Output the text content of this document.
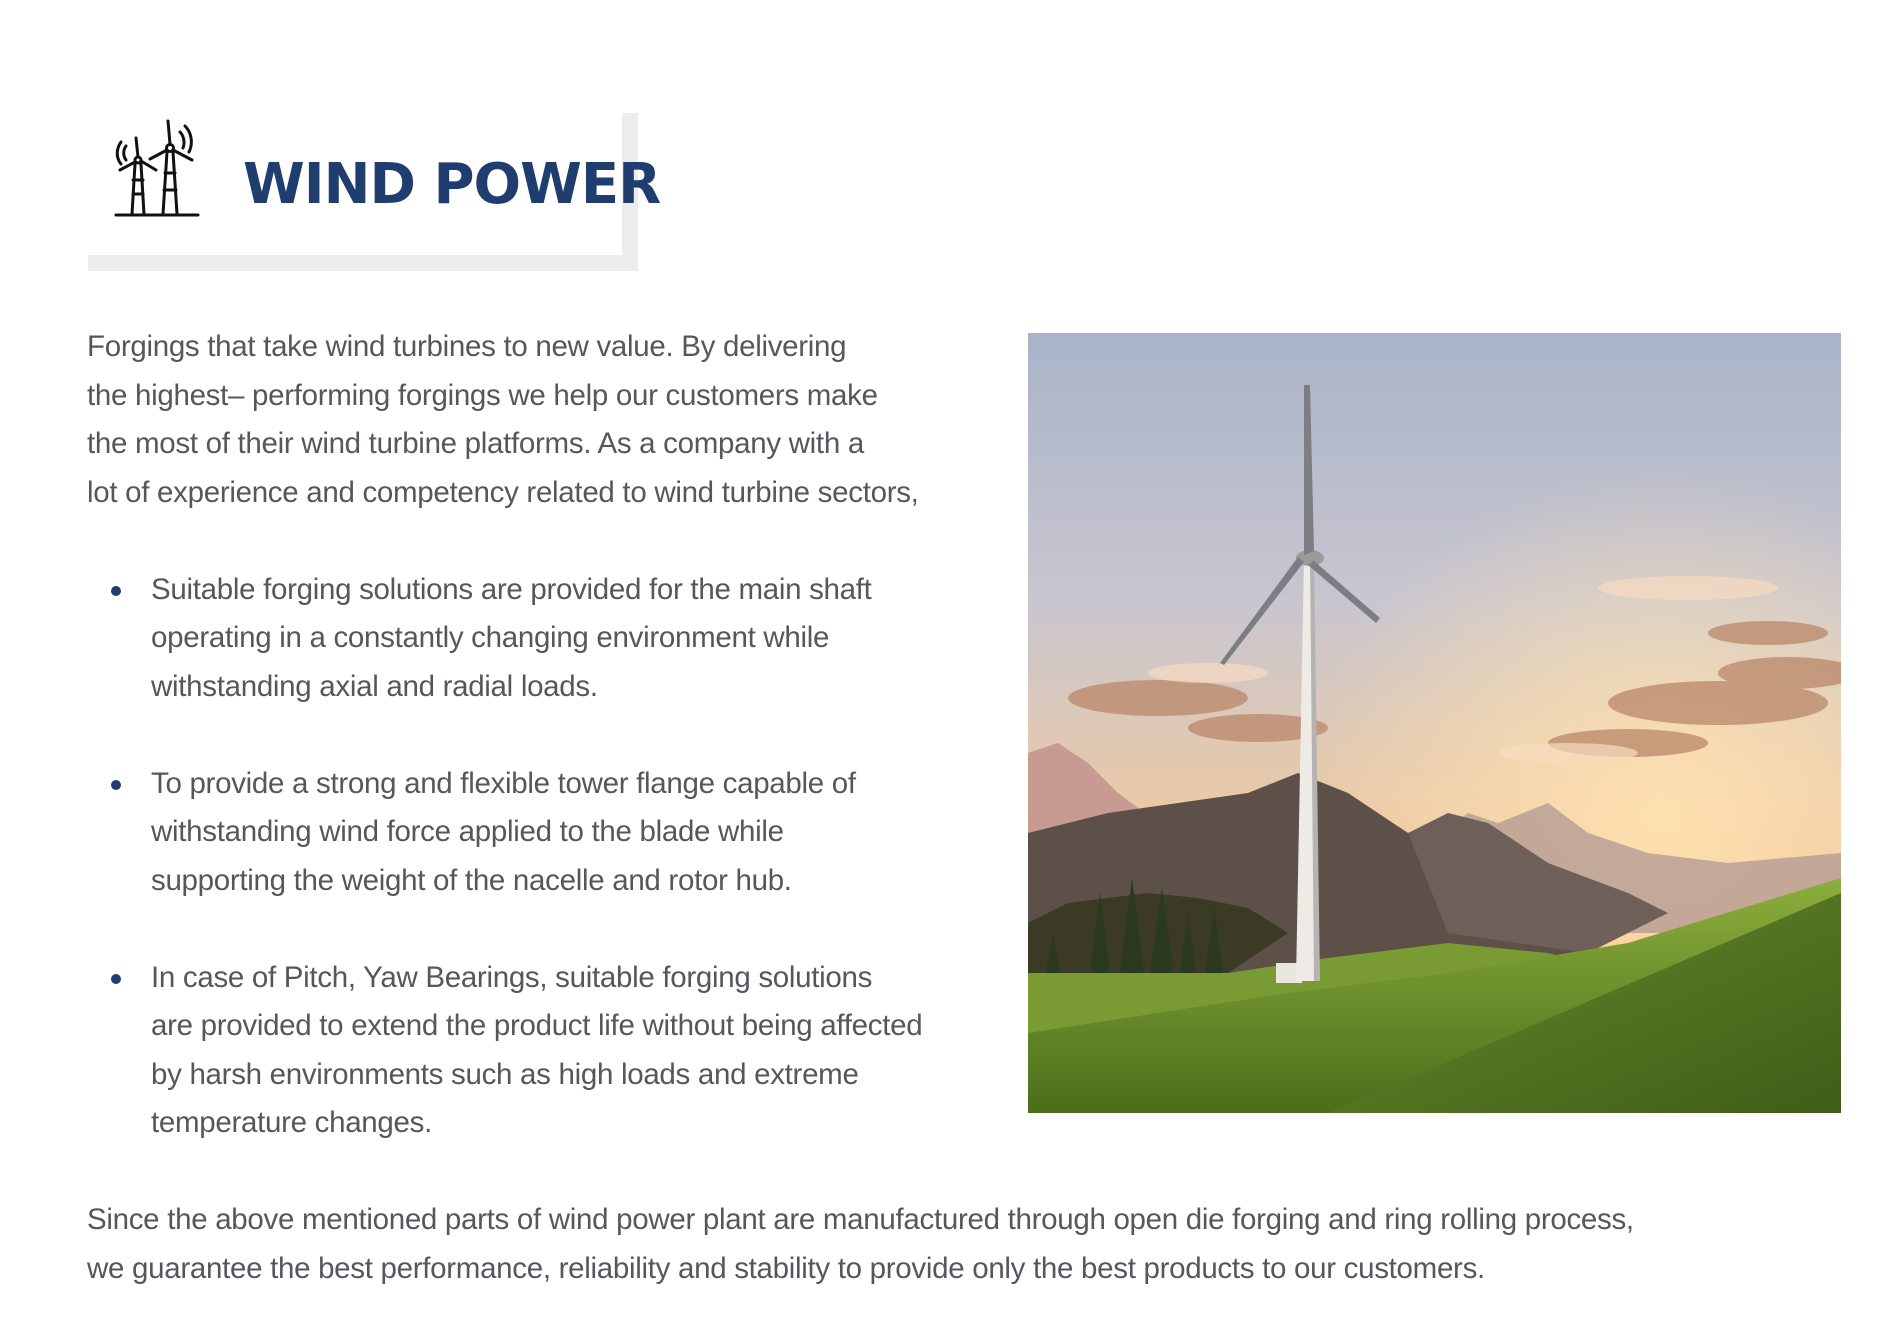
WIND POWER

Forgings that take wind turbines to new value. By delivering

the highest– performing forgings we help our customers make

the most of their wind turbine platforms. As a company with a

lot of experience and competency related to wind turbine sectors,

Suitable forging solutions are provided for the main shaft
operating in a constantly changing environment while
withstanding axial and radial loads.
To provide a strong and flexible tower flange capable of
withstanding wind force applied to the blade while
supporting the weight of the nacelle and rotor hub.
In case of Pitch, Yaw Bearings, suitable forging solutions
are provided to extend the product life without being affected
by harsh environments such as high loads and extreme
temperature changes.

Since the above mentioned parts of wind power plant are manufactured through open die forging and ring rolling process,

we guarantee the best performance, reliability and stability to provide only the best products to our customers.
